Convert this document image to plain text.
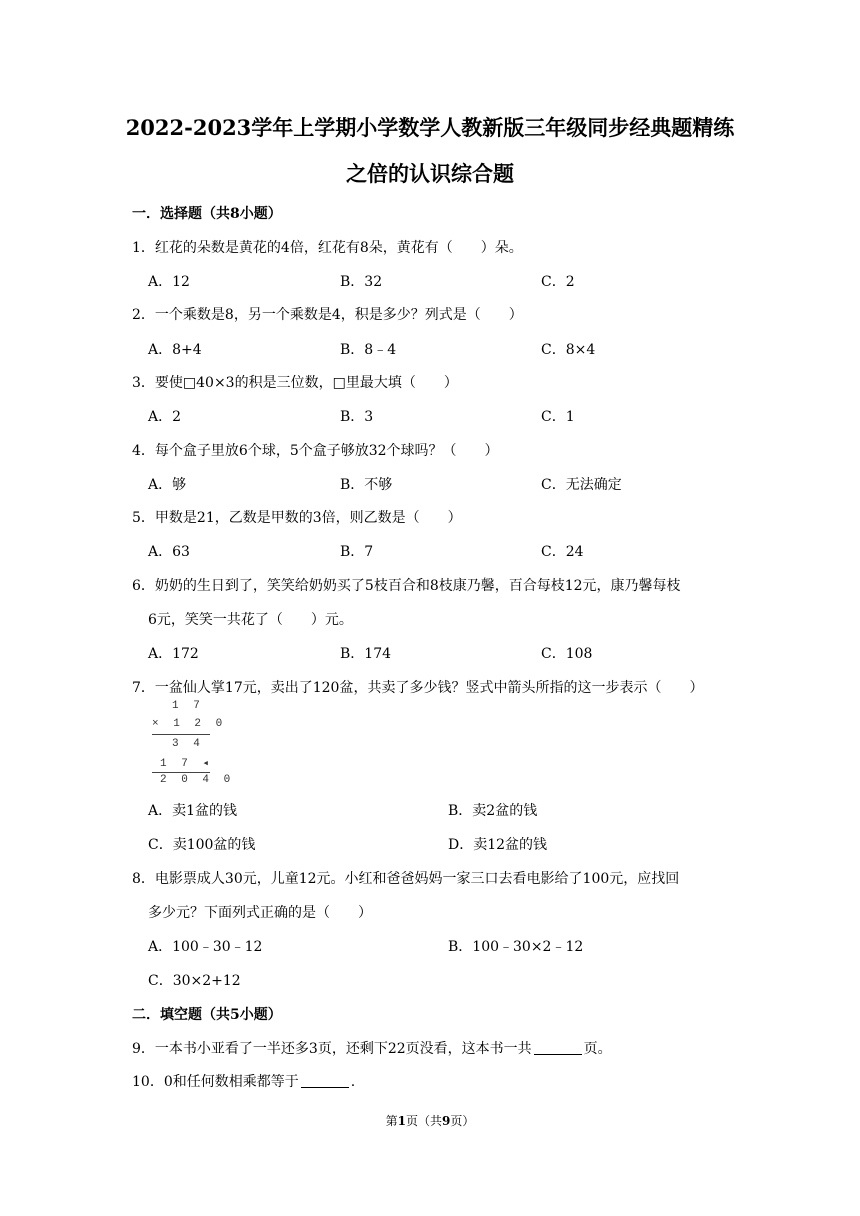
2022-2023学年上学期小学数学人教新版三年级同步经典题精练
之倍的认识综合题
一．选择题（共8小题）
1．红花的朵数是黄花的4倍，红花有8朵，黄花有（　　）朵。
A．12	B．32	C．2
2．一个乘数是8，另一个乘数是4，积是多少？列式是（　　）
A．8+4	B．8﹣4	C．8×4
3．要使□40×3的积是三位数，□里最大填（　　）
A．2	B．3	C．1
4．每个盒子里放6个球，5个盒子够放32个球吗？（　　）
A．够	B．不够	C．无法确定
5．甲数是21，乙数是甲数的3倍，则乙数是（　　）
A．63	B．7	C．24
6．奶奶的生日到了，笑笑给奶奶买了5枝百合和8枝康乃馨，百合每枝12元，康乃馨每枝
6元，笑笑一共花了（　　）元。
A．172	B．174	C．108
7．一盆仙人掌17元，卖出了120盆，共卖了多少钱？竖式中箭头所指的这一步表示（　　）
1 7
× 1 2 0
3 4
1 7 ◂
2 0 4 0
A．卖1盆的钱	B．卖2盆的钱
C．卖100盆的钱	D．卖12盆的钱
8．电影票成人30元，儿童12元。小红和爸爸妈妈一家三口去看电影给了100元，应找回
多少元？下面列式正确的是（　　）
A．100﹣30﹣12	B．100﹣30×2﹣12
C．30×2+12
二．填空题（共5小题）
9．一本书小亚看了一半还多3页，还剩下22页没看，这本书一共	页。
10．0和任何数相乘都等于	.
第1页（共9页）
